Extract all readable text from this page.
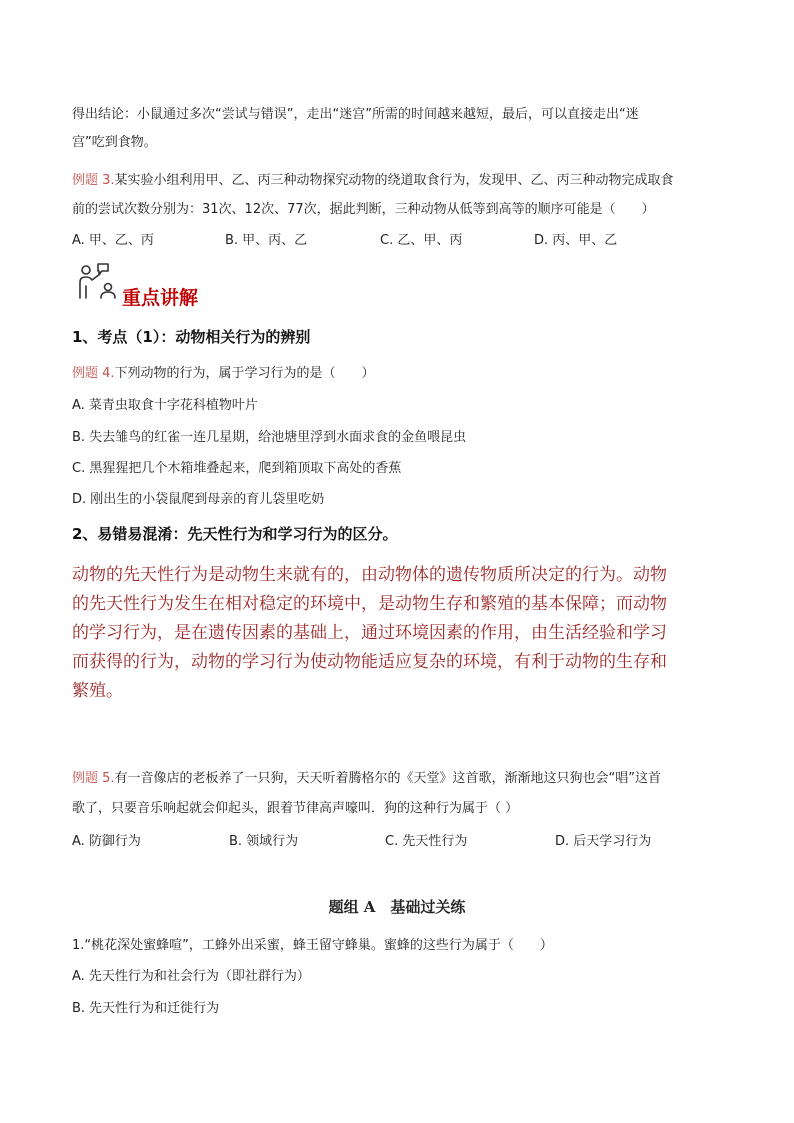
得出结论：小鼠通过多次“尝试与错误”，走出“迷宫”所需的时间越来越短，最后，可以直接走出“迷
宫”吃到食物。
例题 3.某实验小组利用甲、乙、丙三种动物探究动物的绕道取食行为，发现甲、乙、丙三种动物完成取食
前的尝试次数分别为：31次、12次、77次，据此判断，三种动物从低等到高等的顺序可能是（　　）
A. 甲、乙、丙	B. 甲、丙、乙	C. 乙、甲、丙	D. 丙、甲、乙
重点讲解
1、考点（1）：动物相关行为的辨别
例题 4.下列动物的行为，属于学习行为的是（　　）
A. 菜青虫取食十字花科植物叶片
B. 失去雏鸟的红雀一连几星期，给池塘里浮到水面求食的金鱼喂昆虫
C. 黑猩猩把几个木箱堆叠起来，爬到箱顶取下高处的香蕉
D. 刚出生的小袋鼠爬到母亲的育儿袋里吃奶
2、易错易混淆：先天性行为和学习行为的区分。
动物的先天性行为是动物生来就有的，由动物体的遗传物质所决定的行为。动物
的先天性行为发生在相对稳定的环境中，是动物生存和繁殖的基本保障；而动物
的学习行为，是在遗传因素的基础上，通过环境因素的作用，由生活经验和学习
而获得的行为，动物的学习行为使动物能适应复杂的环境，有利于动物的生存和
繁殖。
例题 5.有一音像店的老板养了一只狗，天天听着腾格尔的《天堂》这首歌，渐渐地这只狗也会“唱”这首
歌了，只要音乐响起就会仰起头，跟着节律高声嚎叫．狗的这种行为属于（ ）
A. 防御行为	B. 领域行为	C. 先天性行为	D. 后天学习行为
题组 A　基础过关练
1.“桃花深处蜜蜂喧”，工蜂外出采蜜，蜂王留守蜂巢。蜜蜂的这些行为属于（　　）
A. 先天性行为和社会行为（即社群行为）
B. 先天性行为和迁徙行为
